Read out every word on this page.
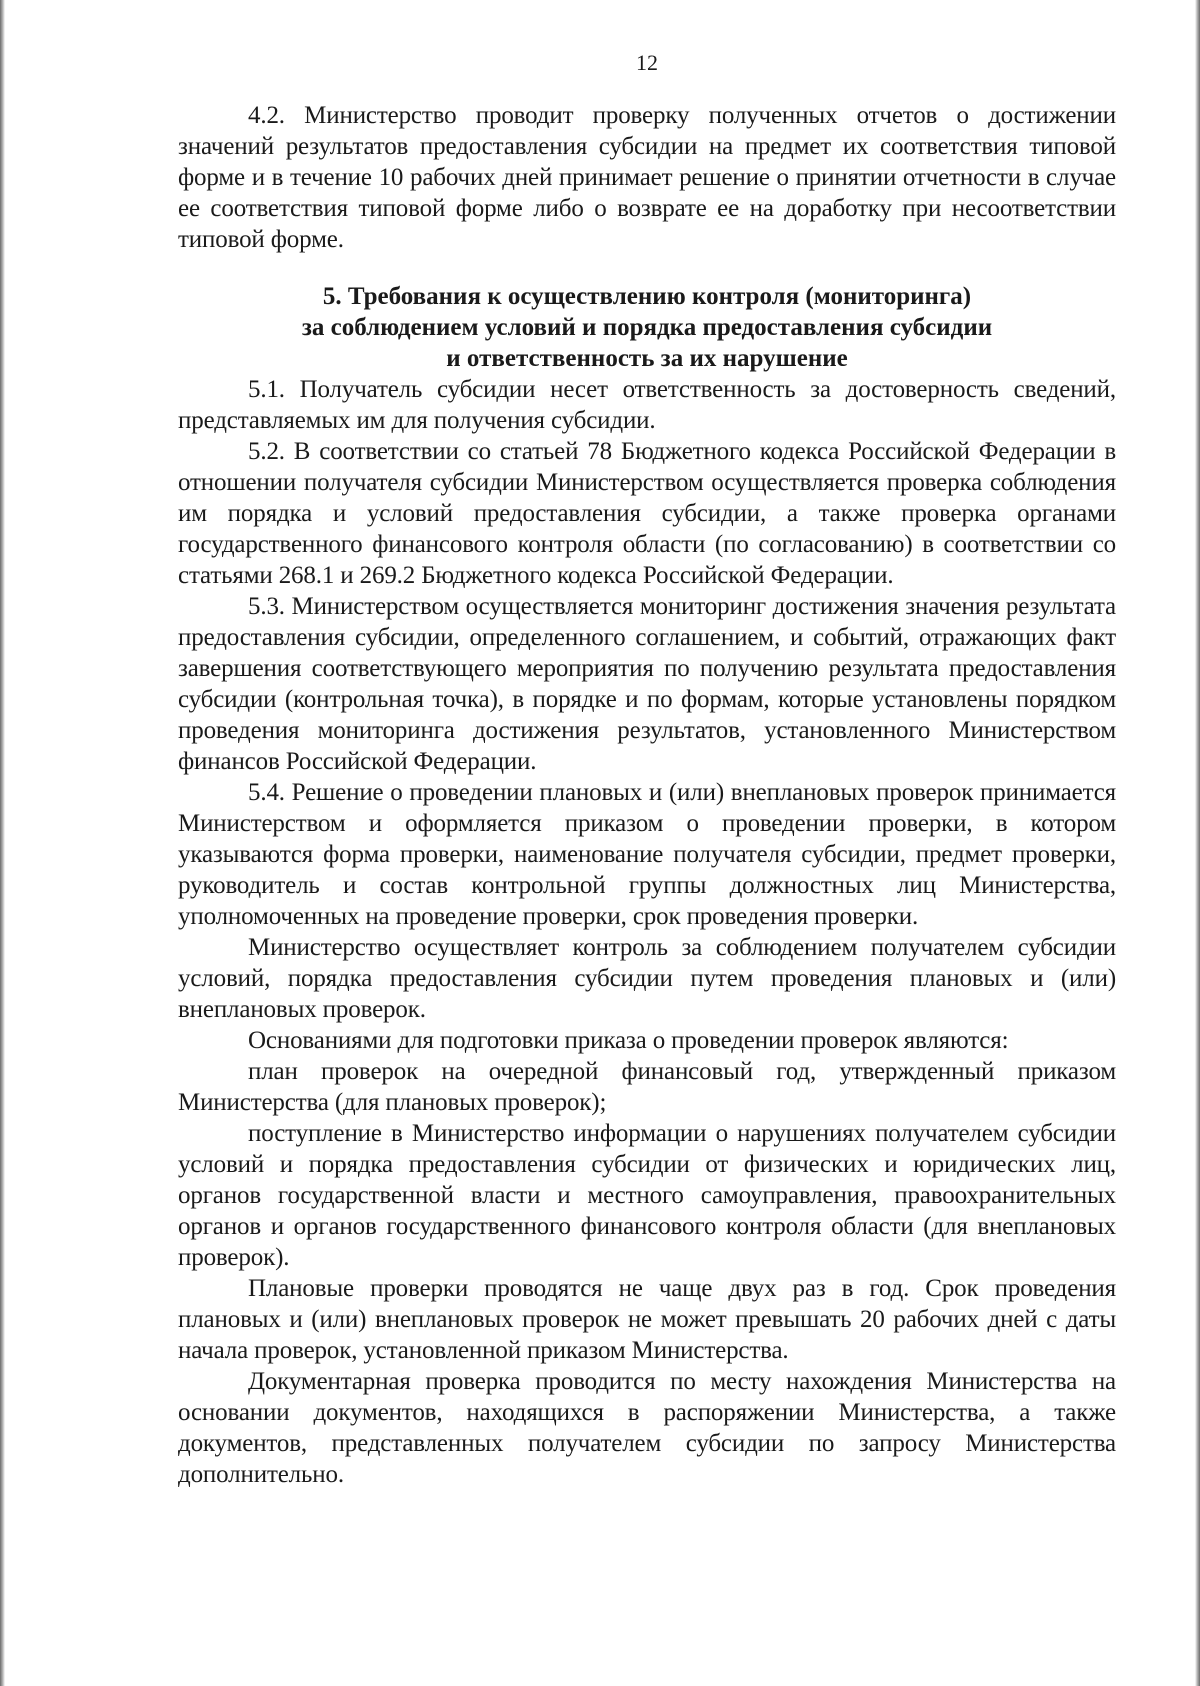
12

4.2. Министерство проводит проверку полученных отчетов о достижении значений результатов предоставления субсидии на предмет их соответствия типовой форме и в течение 10 рабочих дней принимает решение о принятии отчетности в случае ее соответствия типовой форме либо о возврате ее на доработку при несоответствии типовой форме.

5. Требования к осуществлению контроля (мониторинга)
за соблюдением условий и порядка предоставления субсидии
и ответственность за их нарушение

5.1. Получатель субсидии несет ответственность за достоверность сведений, представляемых им для получения субсидии.

5.2. В соответствии со статьей 78 Бюджетного кодекса Российской Федерации в отношении получателя субсидии Министерством осуществляется проверка соблюдения им порядка и условий предоставления субсидии, а также проверка органами государственного финансового контроля области (по согласованию) в соответствии со статьями 268.1 и 269.2 Бюджетного кодекса Российской Федерации.

5.3. Министерством осуществляется мониторинг достижения значения результата предоставления субсидии, определенного соглашением, и событий, отражающих факт завершения соответствующего мероприятия по получению результата предоставления субсидии (контрольная точка), в порядке и по формам, которые установлены порядком проведения мониторинга достижения результатов, установленного Министерством финансов Российской Федерации.

5.4. Решение о проведении плановых и (или) внеплановых проверок принимается Министерством и оформляется приказом о проведении проверки, в котором указываются форма проверки, наименование получателя субсидии, предмет проверки, руководитель и состав контрольной группы должностных лиц Министерства, уполномоченных на проведение проверки, срок проведения проверки.

Министерство осуществляет контроль за соблюдением получателем субсидии условий, порядка предоставления субсидии путем проведения плановых и (или) внеплановых проверок.

Основаниями для подготовки приказа о проведении проверок являются:

план проверок на очередной финансовый год, утвержденный приказом Министерства (для плановых проверок);

поступление в Министерство информации о нарушениях получателем субсидии условий и порядка предоставления субсидии от физических и юридических лиц, органов государственной власти и местного самоуправления, правоохранительных органов и органов государственного финансового контроля области (для внеплановых проверок).

Плановые проверки проводятся не чаще двух раз в год. Срок проведения плановых и (или) внеплановых проверок не может превышать 20 рабочих дней с даты начала проверок, установленной приказом Министерства.

Документарная проверка проводится по месту нахождения Министерства на основании документов, находящихся в распоряжении Министерства, а также документов, представленных получателем субсидии по запросу Министерства дополнительно.
